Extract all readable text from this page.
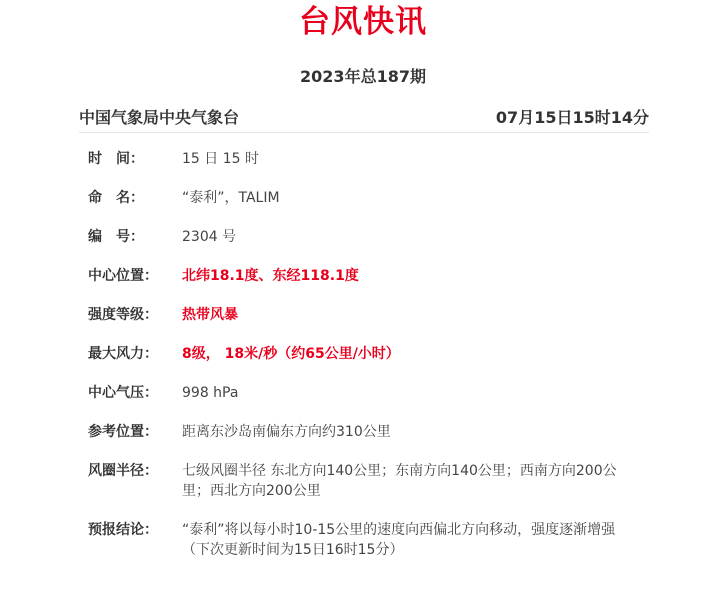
台风快讯
2023年总187期
中国气象局中央气象台	07月15日15时14分
时　间：	15 日 15 时
命　名：	“泰利”，TALIM
编　号：	2304 号
中心位置：	北纬18.1度、东经118.1度
强度等级：	热带风暴
最大风力：	8级， 18米/秒（约65公里/小时）
中心气压：	998 hPa
参考位置：	距离东沙岛南偏东方向约310公里
风圈半径：	七级风圈半径 东北方向140公里；东南方向140公里；西南方向200公里；西北方向200公里
预报结论：	“泰利”将以每小时10-15公里的速度向西偏北方向移动，强度逐渐增强
（下次更新时间为15日16时15分）
